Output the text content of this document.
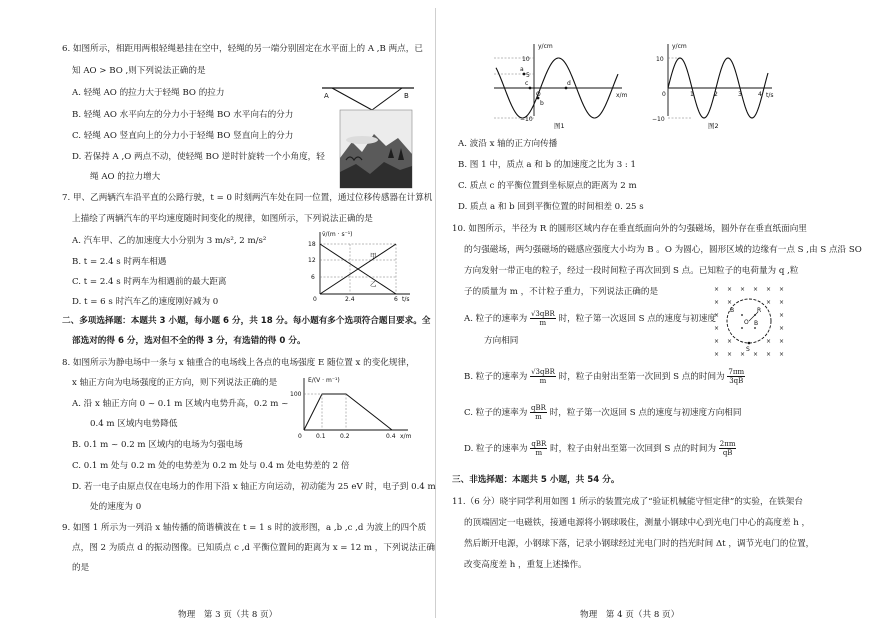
6. 如图所示，相距用两根轻绳悬挂在空中，轻绳的另一端分别固定在水平面上的 A ,B 两点，已
知 AO > BO ,则下列说法正确的是
A. 轻绳 AO 的拉力大于轻绳 BO 的拉力
B. 轻绳 AO 水平向左的分力小于轻绳 BO 水平向右的分力
C. 轻绳 AO 竖直向上的分力小于轻绳 BO 竖直向上的分力
D. 若保持 A ,O 两点不动，使轻绳 BO 逆时针旋转一个小角度，轻
绳 AO 的拉力增大
A	B
7. 甲、乙两辆汽车沿平直的公路行驶，t = 0 时刻两汽车处在同一位置，通过位移传感器在计算机
上描绘了两辆汽车的平均速度随时间变化的规律，如图所示，下列说法正确的是
A. 汽车甲、乙的加速度大小分别为 3 m/s², 2 m/s²
B. t = 2.4 s 时两车相遇
C. t = 2.4 s 时两车为相遇前的最大距离
D. t = 6 s 时汽车乙的速度刚好减为 0
v̄/(m · s⁻¹)
t/s
18
12
6
0	2.4	6
甲
乙
二、多项选择题：本题共 3 小题，每小题 6 分，共 18 分。每小题有多个选项符合题目要求。全
部选对的得 6 分，选对但不全的得 3 分，有选错的得 0 分。
8. 如图所示为静电场中一条与 x 轴重合的电场线上各点的电场强度 E 随位置 x 的变化规律，
x 轴正方向为电场强度的正方向，则下列说法正确的是
A. 沿 x 轴正方向 0 ~ 0.1 m 区域内电势升高，0.2 m ~
0.4 m 区域内电势降低
B. 0.1 m ~ 0.2 m 区域内的电场为匀强电场
C. 0.1 m 处与 0.2 m 处的电势差为 0.2 m 处与 0.4 m 处电势差的 2 倍
D. 若一电子由原点仅在电场力的作用下沿 x 轴正方向运动，初动能为 25 eV 时，电子到 0.4 m
处的速度为 0
E/(V · m⁻¹)
x/m
100
0 0.1 0.2	0.4
9. 如图 1 所示为一列沿 x 轴传播的简谐横波在 t = 1 s 时的波形图，a ,b ,c ,d 为波上的四个质
点，图 2 为质点 d 的振动图像。已知质点 c ,d 平衡位置间的距离为 x = 12 m ，下列说法正确
的是
物理　第 3 页（共 8 页）
y/cm
x/m
10
5
−10
O
a
b
c	d
图1
y/cm
t/s
10
−10
0	1	2	3	4
图2
A. 波沿 x 轴的正方向传播
B. 图 1 中，质点 a 和 b 的加速度之比为 3 : 1
C. 质点 c 的平衡位置到坐标原点的距离为 2 m
D. 质点 a 和 b 回到平衡位置的时间相差 0. 25 s
10. 如图所示，半径为 R 的圆形区域内存在垂直纸面向外的匀强磁场，圆外存在垂直纸面向里
的匀强磁场，两匀强磁场的磁感应强度大小均为 B 。O 为圆心，圆形区域的边缘有一点 S ,由 S 点沿 SO
方向发射一带正电的粒子，经过一段时间粒子再次回到 S 点。已知粒子的电荷量为 q ,粒
子的质量为 m ，不计粒子重力，下列说法正确的是
A. 粒子的速率为 $\frac{\text{√3qBR}}{m}$ 时，粒子第一次返回 S 点的速度与初速度
方向相同
B. 粒子的速率为 $\frac{\text{√3qBR}}{m}$ 时，粒子由射出至第一次回到 S 点的时间为 $\frac{7\pi m}{3qB}$
C. 粒子的速率为 $\frac{\text{qBR}}{m}$ 时，粒子第一次返回 S 点的速度与初速度方向相同
D. 粒子的速率为 $\frac{\text{qBR}}{m}$ 时，粒子由射出至第一次回到 S 点的时间为 $\frac{2\pi m}{qB}$
× × × × × ×
× ×	× ×
×	×
×	×
× ×	× ×
× × × × × ×
O
B
B
R
S
三、非选择题：本题共 5 小题，共 54 分。
11.（6 分）晓宇同学利用如图 1 所示的装置完成了“验证机械能守恒定律”的实验，在铁架台
的顶端固定一电磁铁，接通电源将小钢球吸住，测量小钢球中心到光电门中心的高度差 h ，
然后断开电源，小钢球下落，记录小钢球经过光电门时的挡光时间 Δt ，调节光电门的位置，
改变高度差 h ，重复上述操作。
物理　第 4 页（共 8 页）
